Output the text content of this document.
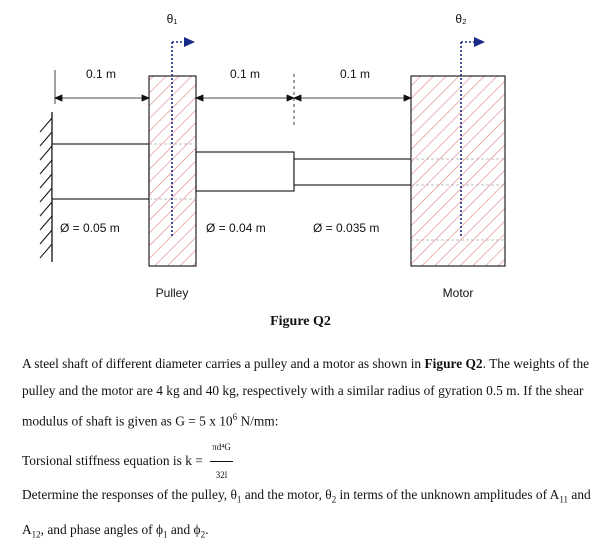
θ₁	θ₂
0.1 m	0.1 m	0.1 m
Ø = 0.05 m	Ø = 0.04 m	Ø = 0.035 m
Pulley	Motor
Figure Q2
A steel shaft of different diameter carries a pulley and a motor as shown in Figure Q2. The weights of the pulley and the motor are 4 kg and 40 kg, respectively with a similar radius of gyration 0.5 m. If the shear modulus of shaft is given as G = 5 x $10^6$ N/mm:
Torsional stiffness equation is $k = \frac{\text{πd⁴G}}{32l}$
Determine the responses of the pulley, $\theta_1$ and the motor, $\theta_2$ in terms of the unknown amplitudes of $A_{11}$ and $A_{12}$, and phase angles of $\phi_1$ and $\phi_2$.
